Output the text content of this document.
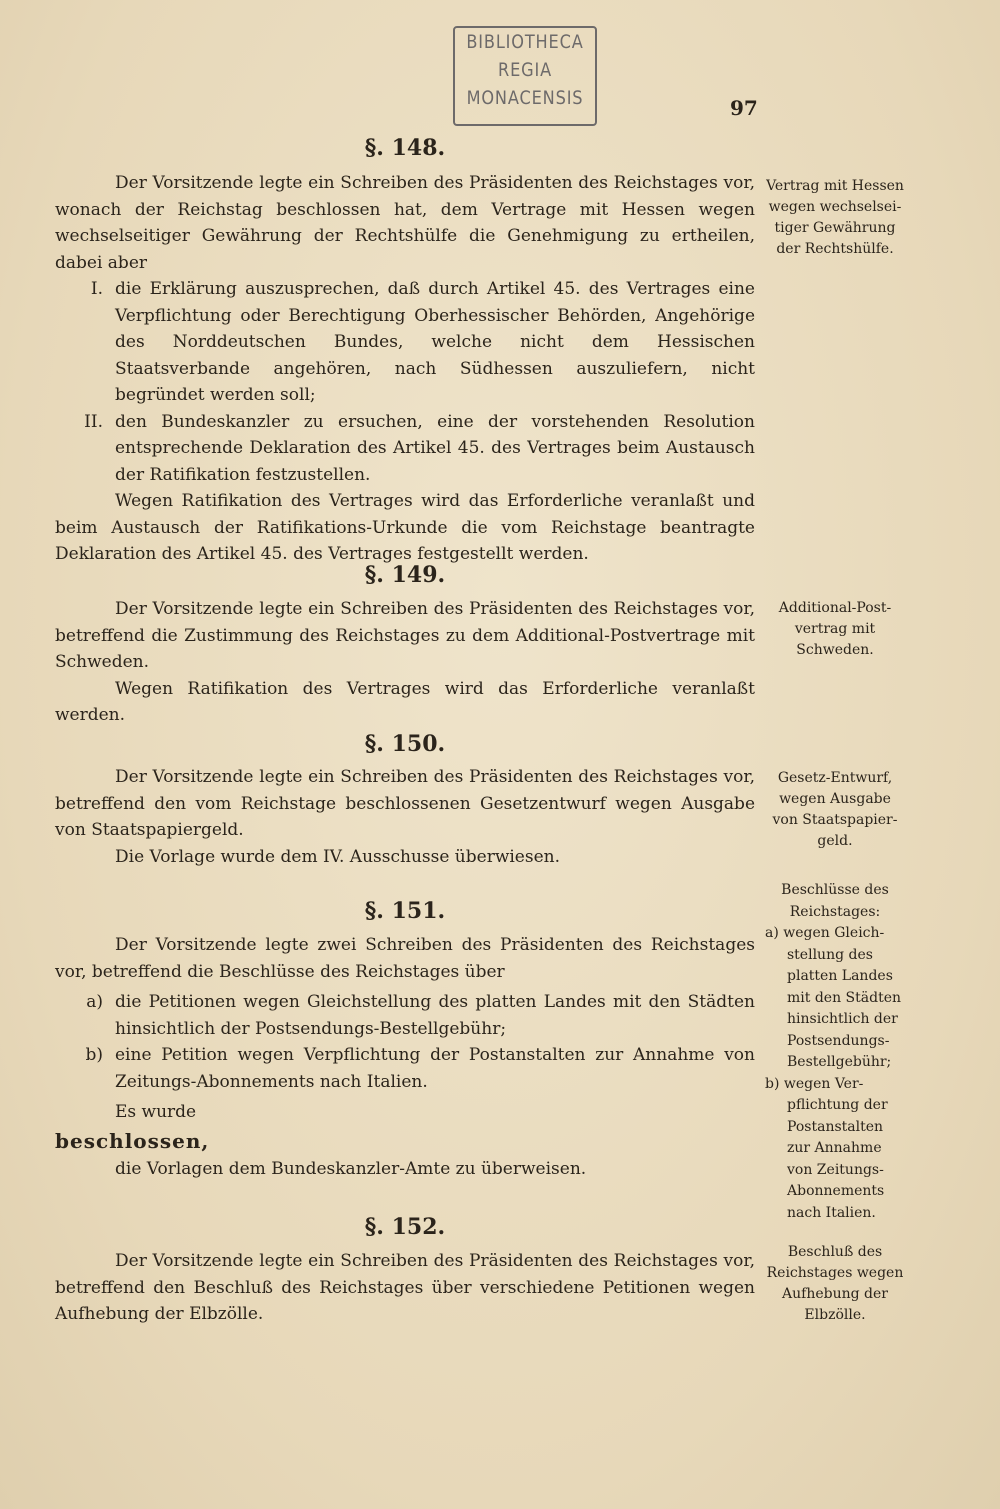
BIBLIOTHECA
REGIA
MONACENSIS	97
§. 148.

Der Vorsitzende legte ein Schreiben des Präsidenten des Reichstages vor, wonach der Reichstag beschlossen hat, dem Vertrage mit Hessen wegen wechselseitiger Gewährung der Rechtshülfe die Genehmigung zu ertheilen, dabei aber

I. die Erklärung auszusprechen, daß durch Artikel 45. des Vertrages eine Verpflichtung oder Berechtigung Oberhessischer Behörden, Angehörige des Norddeutschen Bundes, welche nicht dem Hessischen Staatsverbande angehören, nach Südhessen auszuliefern, nicht begründet werden soll;
II. den Bundeskanzler zu ersuchen, eine der vorstehenden Resolution entsprechende Deklaration des Artikel 45. des Vertrages beim Austausch der Ratifikation festzustellen.

Wegen Ratifikation des Vertrages wird das Erforderliche veranlaßt und beim Austausch der Ratifikations-Urkunde die vom Reichstage beantragte Deklaration des Artikel 45. des Vertrages festgestellt werden.

Vertrag mit Hessen
wegen wechselsei-
tiger Gewährung
der Rechtshülfe.
§. 149.

Der Vorsitzende legte ein Schreiben des Präsidenten des Reichstages vor, betreffend die Zustimmung des Reichstages zu dem Additional-Postvertrage mit Schweden.

Wegen Ratifikation des Vertrages wird das Erforderliche veranlaßt werden.

Additional-Post-
vertrag mit
Schweden.
§. 150.

Der Vorsitzende legte ein Schreiben des Präsidenten des Reichstages vor, betreffend den vom Reichstage beschlossenen Gesetzentwurf wegen Ausgabe von Staatspapiergeld.

Die Vorlage wurde dem IV. Ausschusse überwiesen.

Gesetz-Entwurf,
wegen Ausgabe
von Staatspapier-
geld.
§. 151.

Der Vorsitzende legte zwei Schreiben des Präsidenten des Reichstages vor, betreffend die Beschlüsse des Reichstages über

a) die Petitionen wegen Gleichstellung des platten Landes mit den Städten hinsichtlich der Postsendungs-Bestellgebühr;
b) eine Petition wegen Verpflichtung der Postanstalten zur Annahme von Zeitungs-Abonnements nach Italien.

Es wurde

beschlossen,

die Vorlagen dem Bundeskanzler-Amte zu überweisen.

Beschlüsse des
Reichstages:
a) wegen Gleich-
stellung des
platten Landes
mit den Städten
hinsichtlich der
Postsendungs-
Bestellgebühr;
b) wegen Ver-
pflichtung der
Postanstalten
zur Annahme
von Zeitungs-
Abonnements
nach Italien.
§. 152.

Der Vorsitzende legte ein Schreiben des Präsidenten des Reichstages vor, betreffend den Beschluß des Reichstages über verschiedene Petitionen wegen Aufhebung der Elbzölle.

Beschluß des
Reichstages wegen
Aufhebung der
Elbzölle.
